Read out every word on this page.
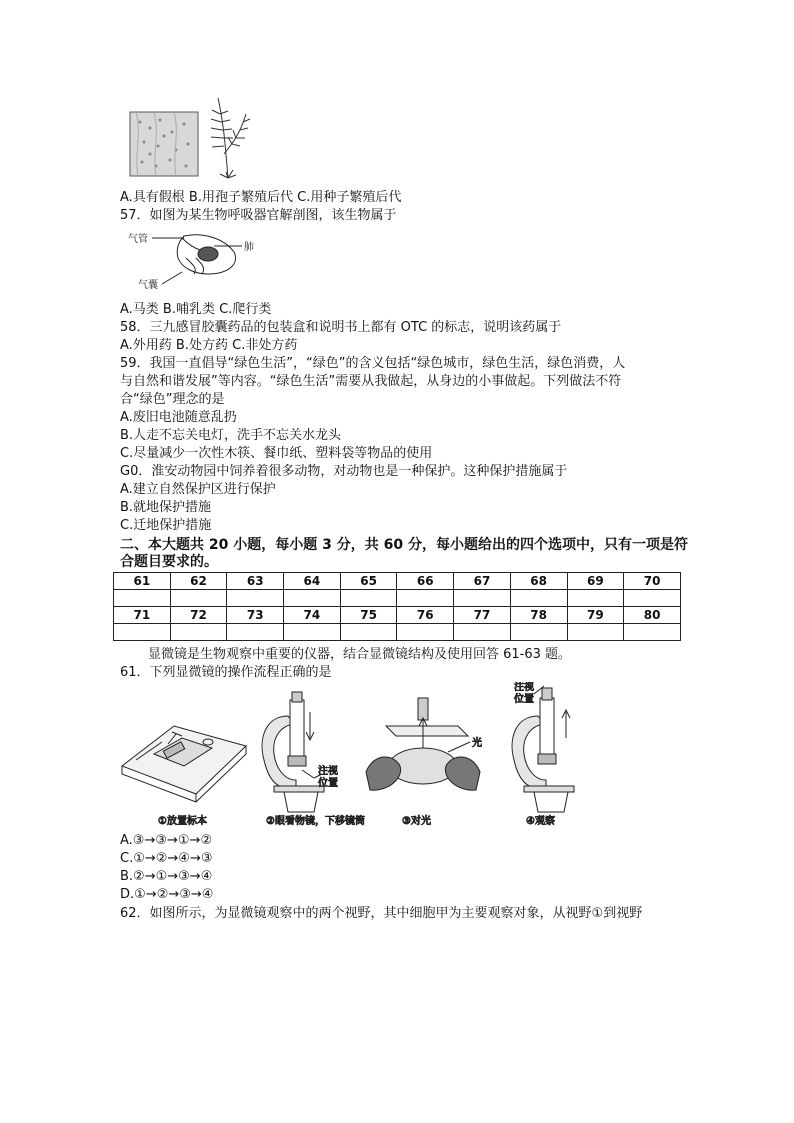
A.具有假根 B.用孢子繁殖后代 C.用种子繁殖后代
57．如图为某生物呼吸器官解剖图，该生物属于
气管
肺
气囊
A.马类 B.哺乳类 C.爬行类
58．三九感冒胶囊药品的包装盒和说明书上都有 OTC 的标志，说明该药属于
A.外用药 B.处方药 C.非处方药
59．我国一直倡导“绿色生活”，“绿色”的含义包括“绿色城市，绿色生活，绿色消费，人
与自然和谐发展”等内容。“绿色生活”需要从我做起，从身边的小事做起。下列做法不符
合“绿色”理念的是
A.废旧电池随意乱扔
B.人走不忘关电灯，洗手不忘关水龙头
C.尽量减少一次性木筷、餐巾纸、塑料袋等物品的使用
G0．淮安动物园中饲养着很多动物，对动物也是一种保护。这种保护措施属于
A.建立自然保护区进行保护
B.就地保护措施
C.迁地保护措施
二、本大题共 20 小题，每小题 3 分，共 60 分，每小题给出的四个选项中，只有一项是符
合题目要求的。
61	62	63	64	65	66	67	68	69	70

71	72	73	74	75	76	77	78	79	80

显微镜是生物观察中重要的仪器，结合显微镜结构及使用回答 61-63 题。
61．下列显微镜的操作流程正确的是
①放置标本
注视
位置
②眼看物镜，下移镜筒
光
③对光
注视
位置
④观察
A.③→③→①→②
C.①→②→④→③
B.②→①→③→④
D.①→②→③→④
62．如图所示，为显微镜观察中的两个视野，其中细胞甲为主要观察对象，从视野①到视野
